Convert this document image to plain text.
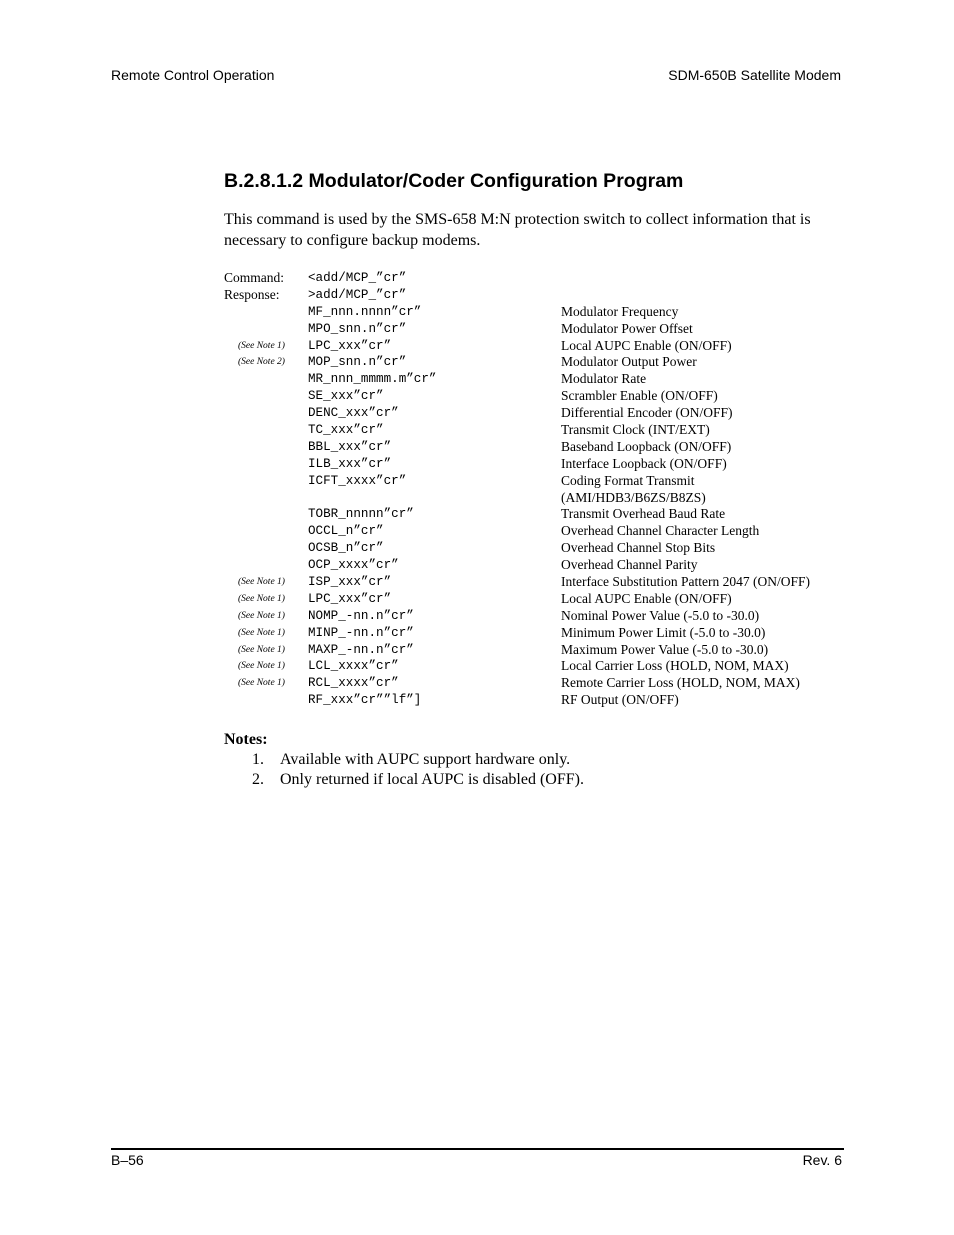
Remote Control Operation	SDM-650B Satellite Modem
B.2.8.1.2 Modulator/Coder Configuration Program

This command is used by the SMS-658 M:N protection switch to collect information that is necessary to configure backup modems.

Command: <add/MCP_”cr”
Response: >add/MCP_”cr”
MF_nnn.nnnn”cr”	Modulator Frequency
MPO_snn.n”cr”	Modulator Power Offset
(See Note 1) LPC_xxx”cr”	Local AUPC Enable (ON/OFF)
(See Note 2) MOP_snn.n”cr”	Modulator Output Power
MR_nnn_mmmm.m”cr”	Modulator Rate
SE_xxx”cr”	Scrambler Enable (ON/OFF)
DENC_xxx”cr”	Differential Encoder (ON/OFF)
TC_xxx”cr”	Transmit Clock (INT/EXT)
BBL_xxx”cr”	Baseband Loopback (ON/OFF)
ILB_xxx”cr”	Interface Loopback (ON/OFF)
ICFT_xxxx”cr”	Coding Format Transmit
(AMI/HDB3/B6ZS/B8ZS)
TOBR_nnnnn”cr”	Transmit Overhead Baud Rate
OCCL_n”cr”	Overhead Channel Character Length
OCSB_n”cr”	Overhead Channel Stop Bits
OCP_xxxx”cr”	Overhead Channel Parity
(See Note 1) ISP_xxx”cr”	Interface Substitution Pattern 2047 (ON/OFF)
(See Note 1) LPC_xxx”cr”	Local AUPC Enable (ON/OFF)
(See Note 1) NOMP_-nn.n”cr”	Nominal Power Value (-5.0 to -30.0)
(See Note 1) MINP_-nn.n”cr”	Minimum Power Limit (-5.0 to -30.0)
(See Note 1) MAXP_-nn.n”cr”	Maximum Power Value (-5.0 to -30.0)
(See Note 1) LCL_xxxx”cr”	Local Carrier Loss (HOLD, NOM, MAX)
(See Note 1) RCL_xxxx”cr”	Remote Carrier Loss (HOLD, NOM, MAX)
RF_xxx”cr””lf”]	RF Output (ON/OFF)
Notes:
1. Available with AUPC support hardware only.
2. Only returned if local AUPC is disabled (OFF).
B–56	Rev. 6
